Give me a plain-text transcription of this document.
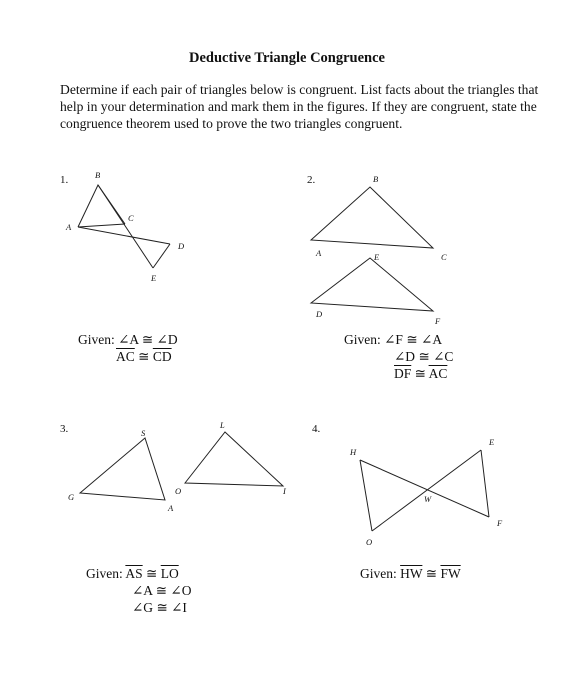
Deductive Triangle Congruence
Determine if each pair of triangles below is congruent. List facts about the triangles that help in your determination and mark them in the figures. If they are congruent, state the congruence theorem used to prove the two triangles congruent.
1.	2.
3.	4.
B
A
C
D
E
B
A	C
E
D
F
S
G
O
A
L
I
H
E
W
O
F
Given: ∠A ≅ ∠D
$\overline{AC}$ ≅ $\overline{CD}$
Given: ∠F ≅ ∠A
∠D ≅ ∠C
$\overline{DF}$ ≅ $\overline{AC}$
Given: $\overline{AS}$ ≅ $\overline{LO}$
∠A ≅ ∠O
∠G ≅ ∠I
Given: $\overline{HW}$ ≅ $\overline{FW}$
